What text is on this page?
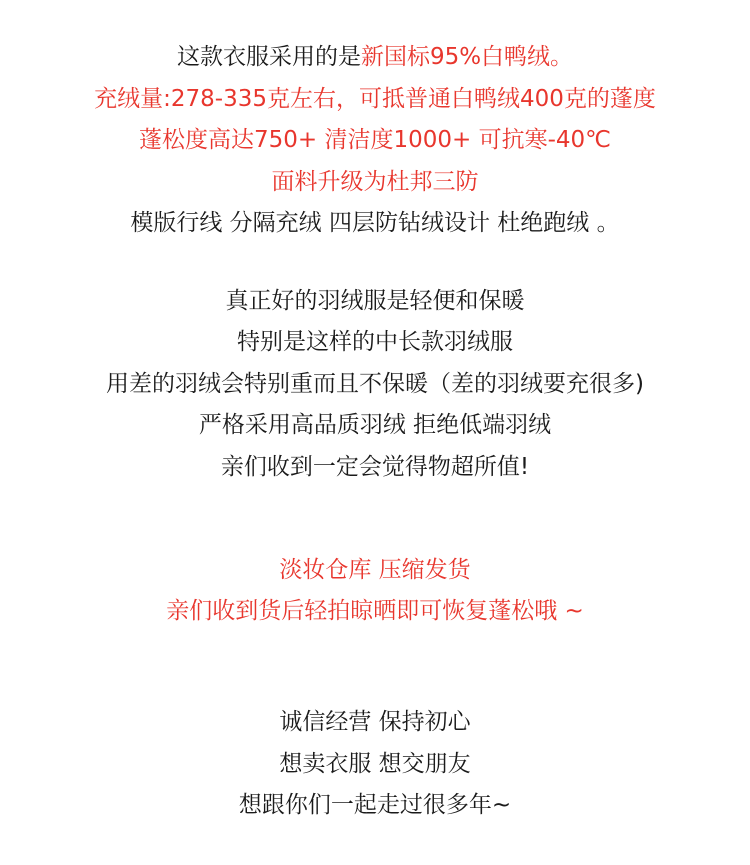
这款衣服采用的是新国标95%白鸭绒。
充绒量:278-335克左右，可抵普通白鸭绒400克的蓬度
蓬松度高达750+ 清洁度1000+ 可抗寒-40℃
面料升级为杜邦三防
模版行线 分隔充绒 四层防钻绒设计 杜绝跑绒 。
真正好的羽绒服是轻便和保暖
特别是这样的中长款羽绒服
用差的羽绒会特别重而且不保暖（差的羽绒要充很多)
严格采用高品质羽绒 拒绝低端羽绒
亲们收到一定会觉得物超所值!
淡妆仓库 压缩发货
亲们收到货后轻拍晾晒即可恢复蓬松哦 ~
诚信经营 保持初心
想卖衣服 想交朋友
想跟你们一起走过很多年~
